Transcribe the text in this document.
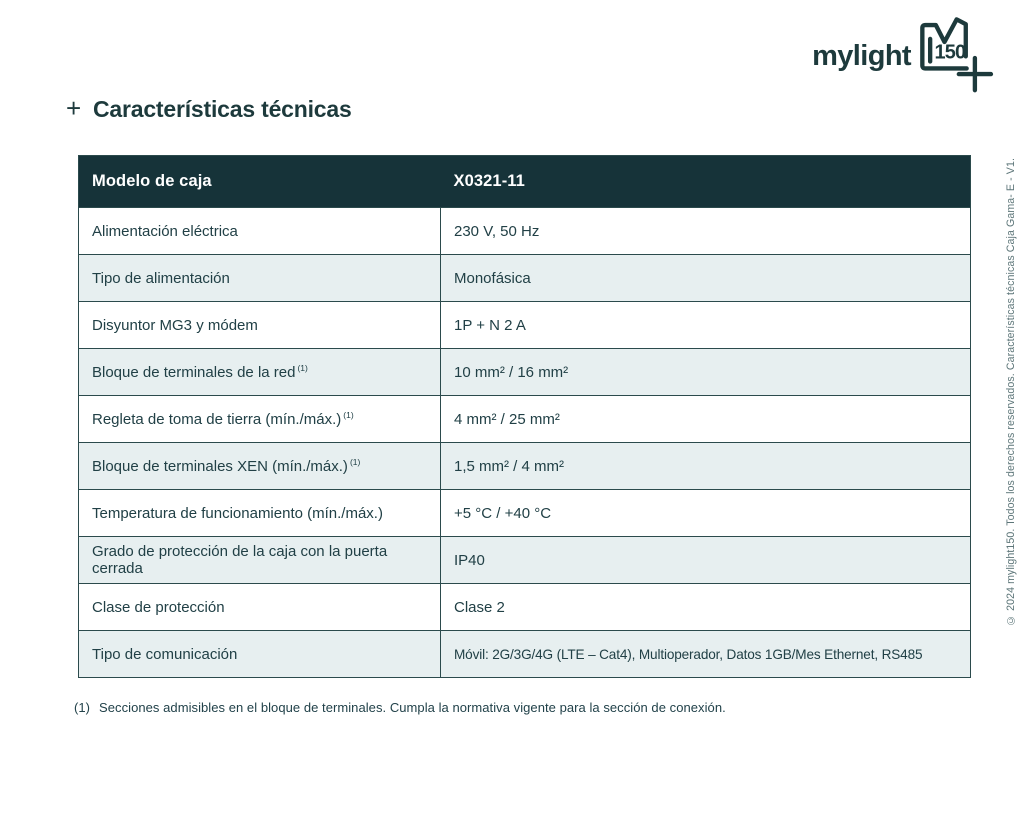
mylight 150
+ Características técnicas
Modelo de caja	X0321-11
Alimentación eléctrica	230 V, 50 Hz
Tipo de alimentación	Monofásica
Disyuntor MG3 y módem	1P + N 2 A
Bloque de terminales de la red $^{(1)}$	10 mm² / 16 mm²
Regleta de toma de tierra (mín./máx.) $^{(1)}$	4 mm² / 25 mm²
Bloque de terminales XEN (mín./máx.) $^{(1)}$	1,5 mm² / 4 mm²
Temperatura de funcionamiento (mín./máx.)	+5 °C / +40 °C
Grado de protección de la caja con la puerta cerrada	IP40
Clase de protección	Clase 2
Tipo de comunicación	Móvil: 2G/3G/4G (LTE – Cat4), Multioperador, Datos 1GB/Mes Ethernet, RS485

(1) Secciones admisibles en el bloque de terminales. Cumpla la normativa vigente para la sección de conexión.

© 2024 mylight150. Todos los derechos reservados. Características técnicas Caja Gama- E - V1.
